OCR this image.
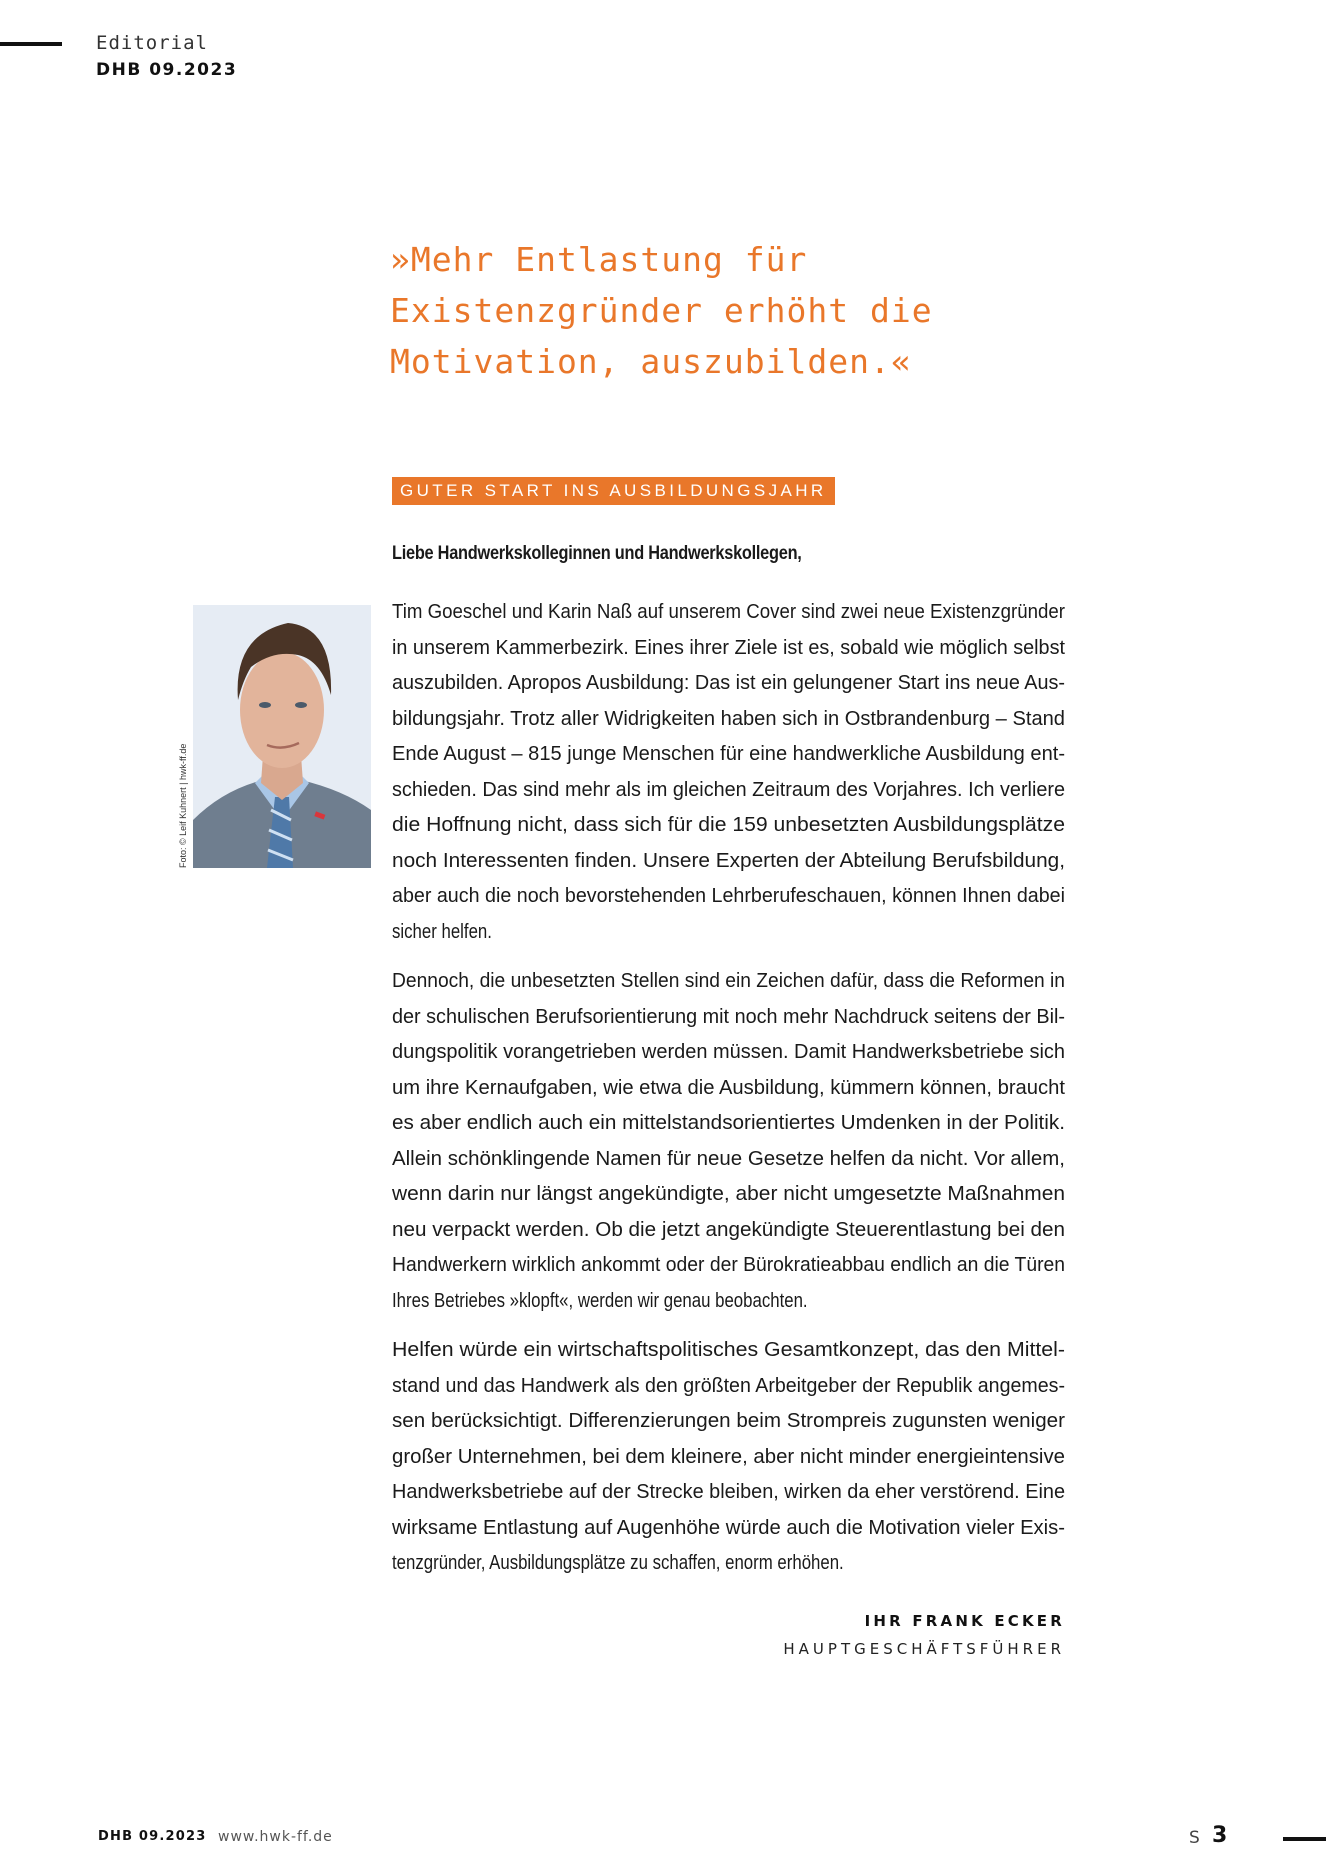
Editorial
DHB 09.2023
»Mehr Entlastung für
Existenzgründer erhöht die
Motivation, auszubilden.«
GUTER START INS AUSBILDUNGSJAHR
Liebe Handwerkskolleginnen und Handwerkskollegen,
Foto: © Leif Kuhnert | hwk-ff.de
Tim Goeschel und Karin Naß auf unserem Cover sind zwei neue Existenzgründer
in unserem Kammerbezirk. Eines ihrer Ziele ist es, sobald wie möglich selbst
auszubilden. Apropos Ausbildung: Das ist ein gelungener Start ins neue Aus-
bildungsjahr. Trotz aller Widrigkeiten haben sich in Ostbrandenburg – Stand
Ende August – 815 junge Menschen für eine handwerkliche Ausbildung ent-
schieden. Das sind mehr als im gleichen Zeitraum des Vorjahres. Ich verliere
die Hoffnung nicht, dass sich für die 159 unbesetzten Ausbildungsplätze
noch Interessenten finden. Unsere Experten der Abteilung Berufsbildung,
aber auch die noch bevorstehenden Lehrberufeschauen, können Ihnen dabei
sicher helfen.
Dennoch, die unbesetzten Stellen sind ein Zeichen dafür, dass die Reformen in
der schulischen Berufsorientierung mit noch mehr Nachdruck seitens der Bil-
dungspolitik vorangetrieben werden müssen. Damit Handwerksbetriebe sich
um ihre Kernaufgaben, wie etwa die Ausbildung, kümmern können, braucht
es aber endlich auch ein mittelstandsorientiertes Umdenken in der Politik.
Allein schönklingende Namen für neue Gesetze helfen da nicht. Vor allem,
wenn darin nur längst angekündigte, aber nicht umgesetzte Maßnahmen
neu verpackt werden. Ob die jetzt angekündigte Steuerentlastung bei den
Handwerkern wirklich ankommt oder der Bürokratieabbau endlich an die Türen
Ihres Betriebes »klopft«, werden wir genau beobachten.
Helfen würde ein wirtschaftspolitisches Gesamtkonzept, das den Mittel-
stand und das Handwerk als den größten Arbeitgeber der Republik angemes-
sen berücksichtigt. Differenzierungen beim Strompreis zugunsten weniger
großer Unternehmen, bei dem kleinere, aber nicht minder energieintensive
Handwerksbetriebe auf der Strecke bleiben, wirken da eher verstörend. Eine
wirksame Entlastung auf Augenhöhe würde auch die Motivation vieler Exis-
tenzgründer, Ausbildungsplätze zu schaffen, enorm erhöhen.
IHR FRANK ECKER
HAUPTGESCHÄFTSFÜHRER
DHB 09.2023 www.hwk-ff.de	S 3
